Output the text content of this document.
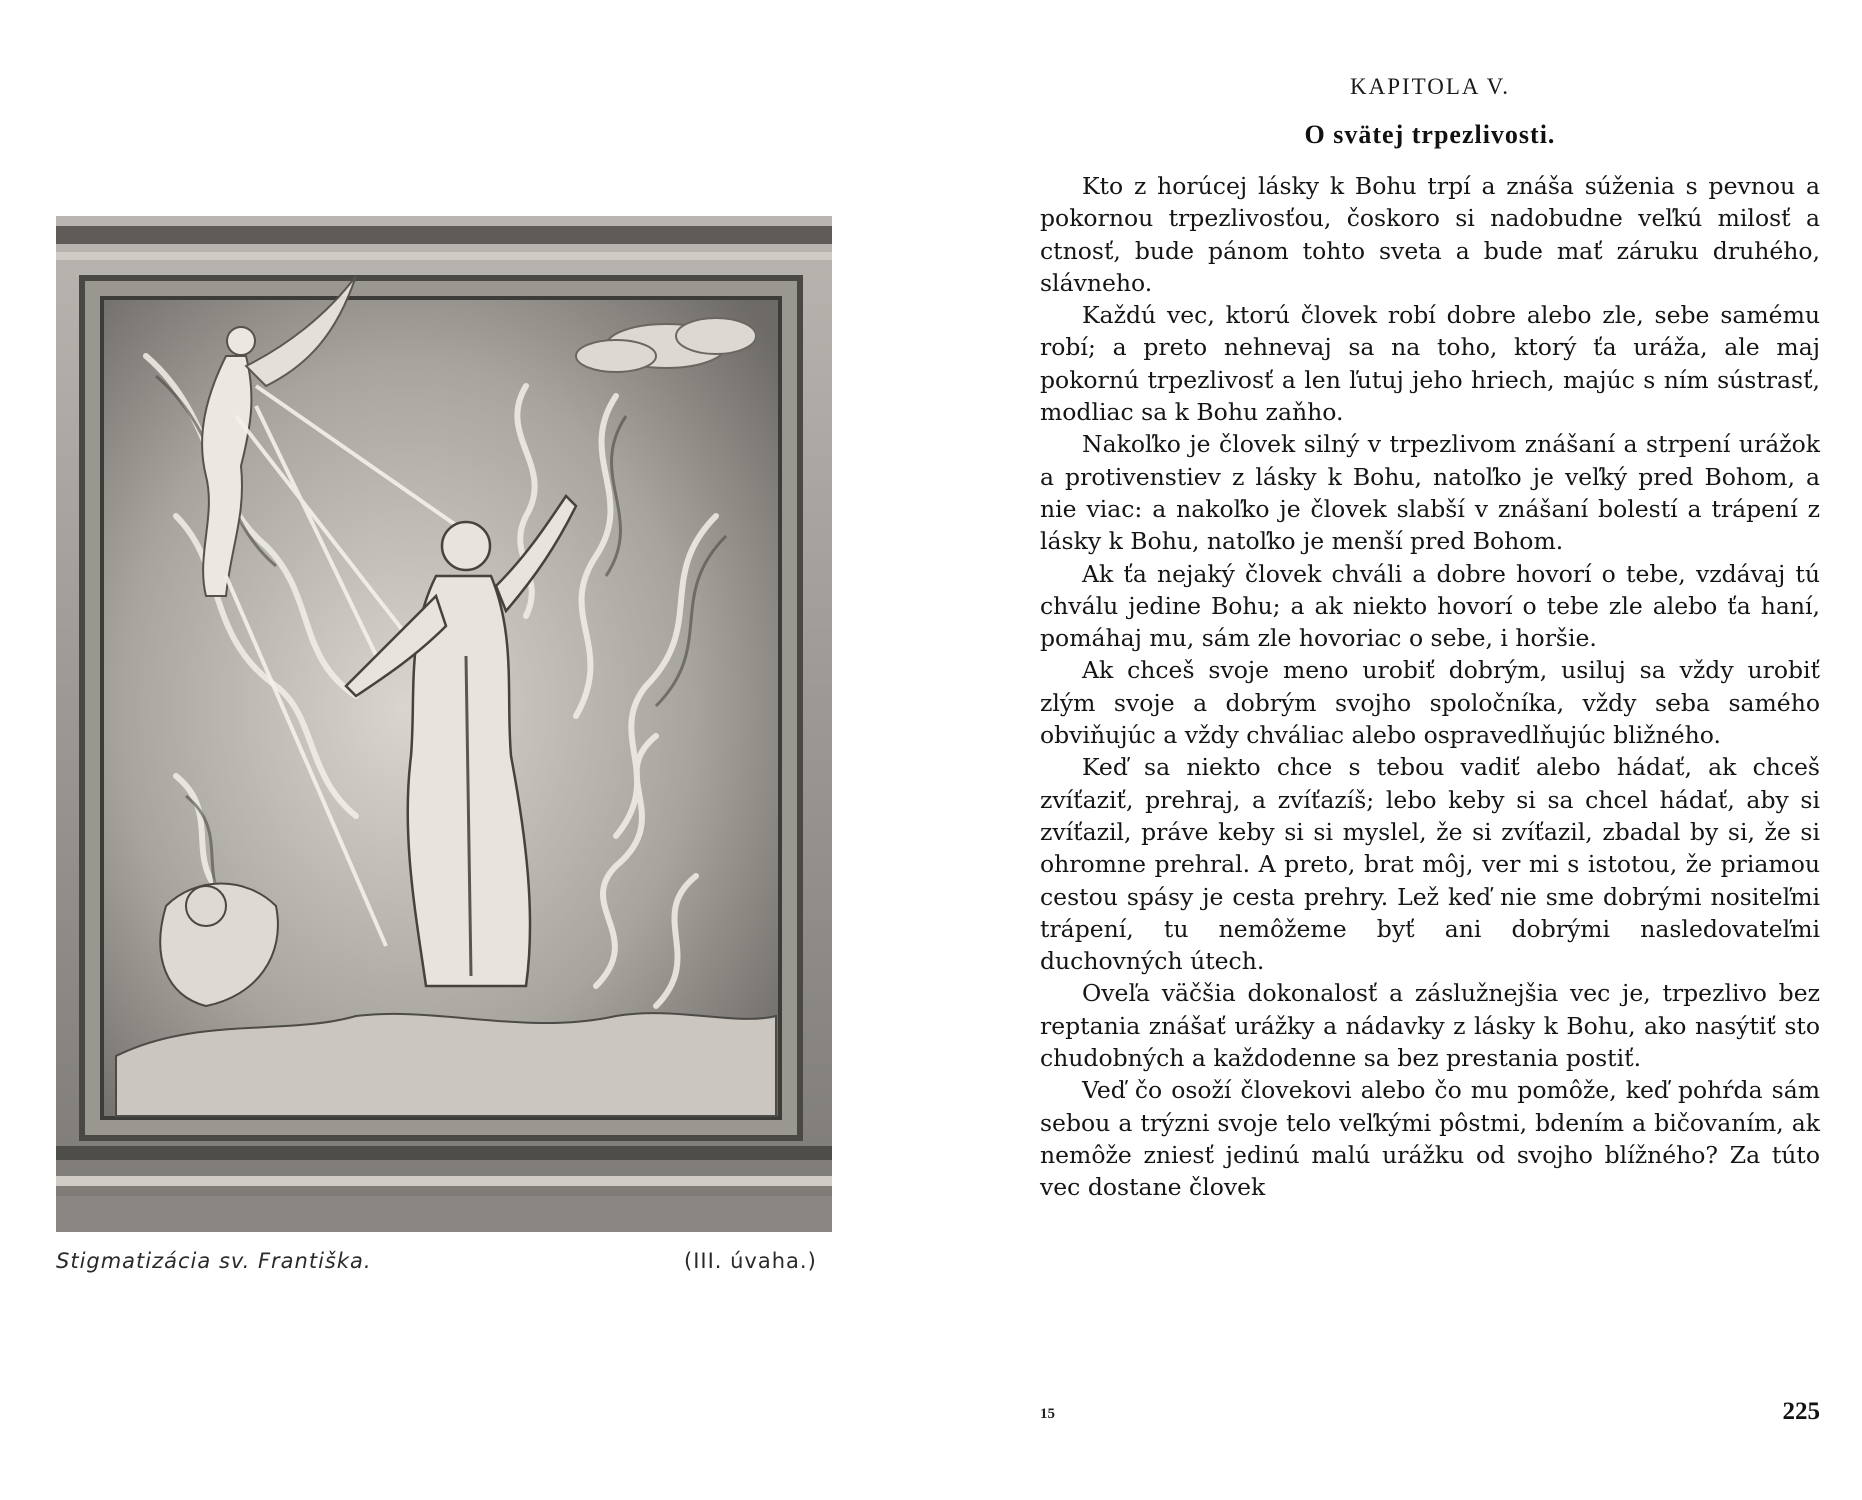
Stigmatizácia sv. Františka.	(III. úvaha.)
KAPITOLA V.
O svätej trpezlivosti.

Kto z horúcej lásky k Bohu trpí a znáša súženia s pevnou a pokornou trpezlivosťou, čoskoro si nadobudne veľkú milosť a ctnosť, bude pánom tohto sveta a bude mať záruku druhého, slávneho.

Každú vec, ktorú človek robí dobre alebo zle, sebe samému robí; a preto nehnevaj sa na toho, ktorý ťa uráža, ale maj pokornú trpezlivosť a len ľutuj jeho hriech, majúc s ním sústrasť, modliac sa k Bohu zaňho.

Nakoľko je človek silný v trpezlivom znášaní a strpení urážok a protivenstiev z lásky k Bohu, natoľko je veľký pred Bohom, a nie viac: a nakoľko je človek slabší v znášaní bolestí a trápení z lásky k Bohu, natoľko je menší pred Bohom.

Ak ťa nejaký človek chváli a dobre hovorí o tebe, vzdávaj tú chválu jedine Bohu; a ak niekto hovorí o tebe zle alebo ťa haní, pomáhaj mu, sám zle hovoriac o sebe, i horšie.

Ak chceš svoje meno urobiť dobrým, usiluj sa vždy urobiť zlým svoje a dobrým svojho spoločníka, vždy seba samého obviňujúc a vždy chváliac alebo ospravedlňujúc bližného.

Keď sa niekto chce s tebou vadiť alebo hádať, ak chceš zvíťaziť, prehraj, a zvíťazíš; lebo keby si sa chcel hádať, aby si zvíťazil, práve keby si si myslel, že si zvíťazil, zbadal by si, že si ohromne prehral. A preto, brat môj, ver mi s istotou, že priamou cestou spásy je cesta prehry. Lež keď nie sme dobrými nositeľmi trápení, tu nemôžeme byť ani dobrými nasledovateľmi duchovných útech.

Oveľa väčšia dokonalosť a záslužnejšia vec je, trpezlivo bez reptania znášať urážky a nádavky z lásky k Bohu, ako nasýtiť sto chudobných a každodenne sa bez prestania postiť.

Veď čo osoží človekovi alebo čo mu pomôže, keď pohŕda sám sebou a trýzni svoje telo veľkými pôstmi, bdením a bičovaním, ak nemôže zniesť jedinú malú urážku od svojho blížného? Za túto vec dostane človek

15	225
